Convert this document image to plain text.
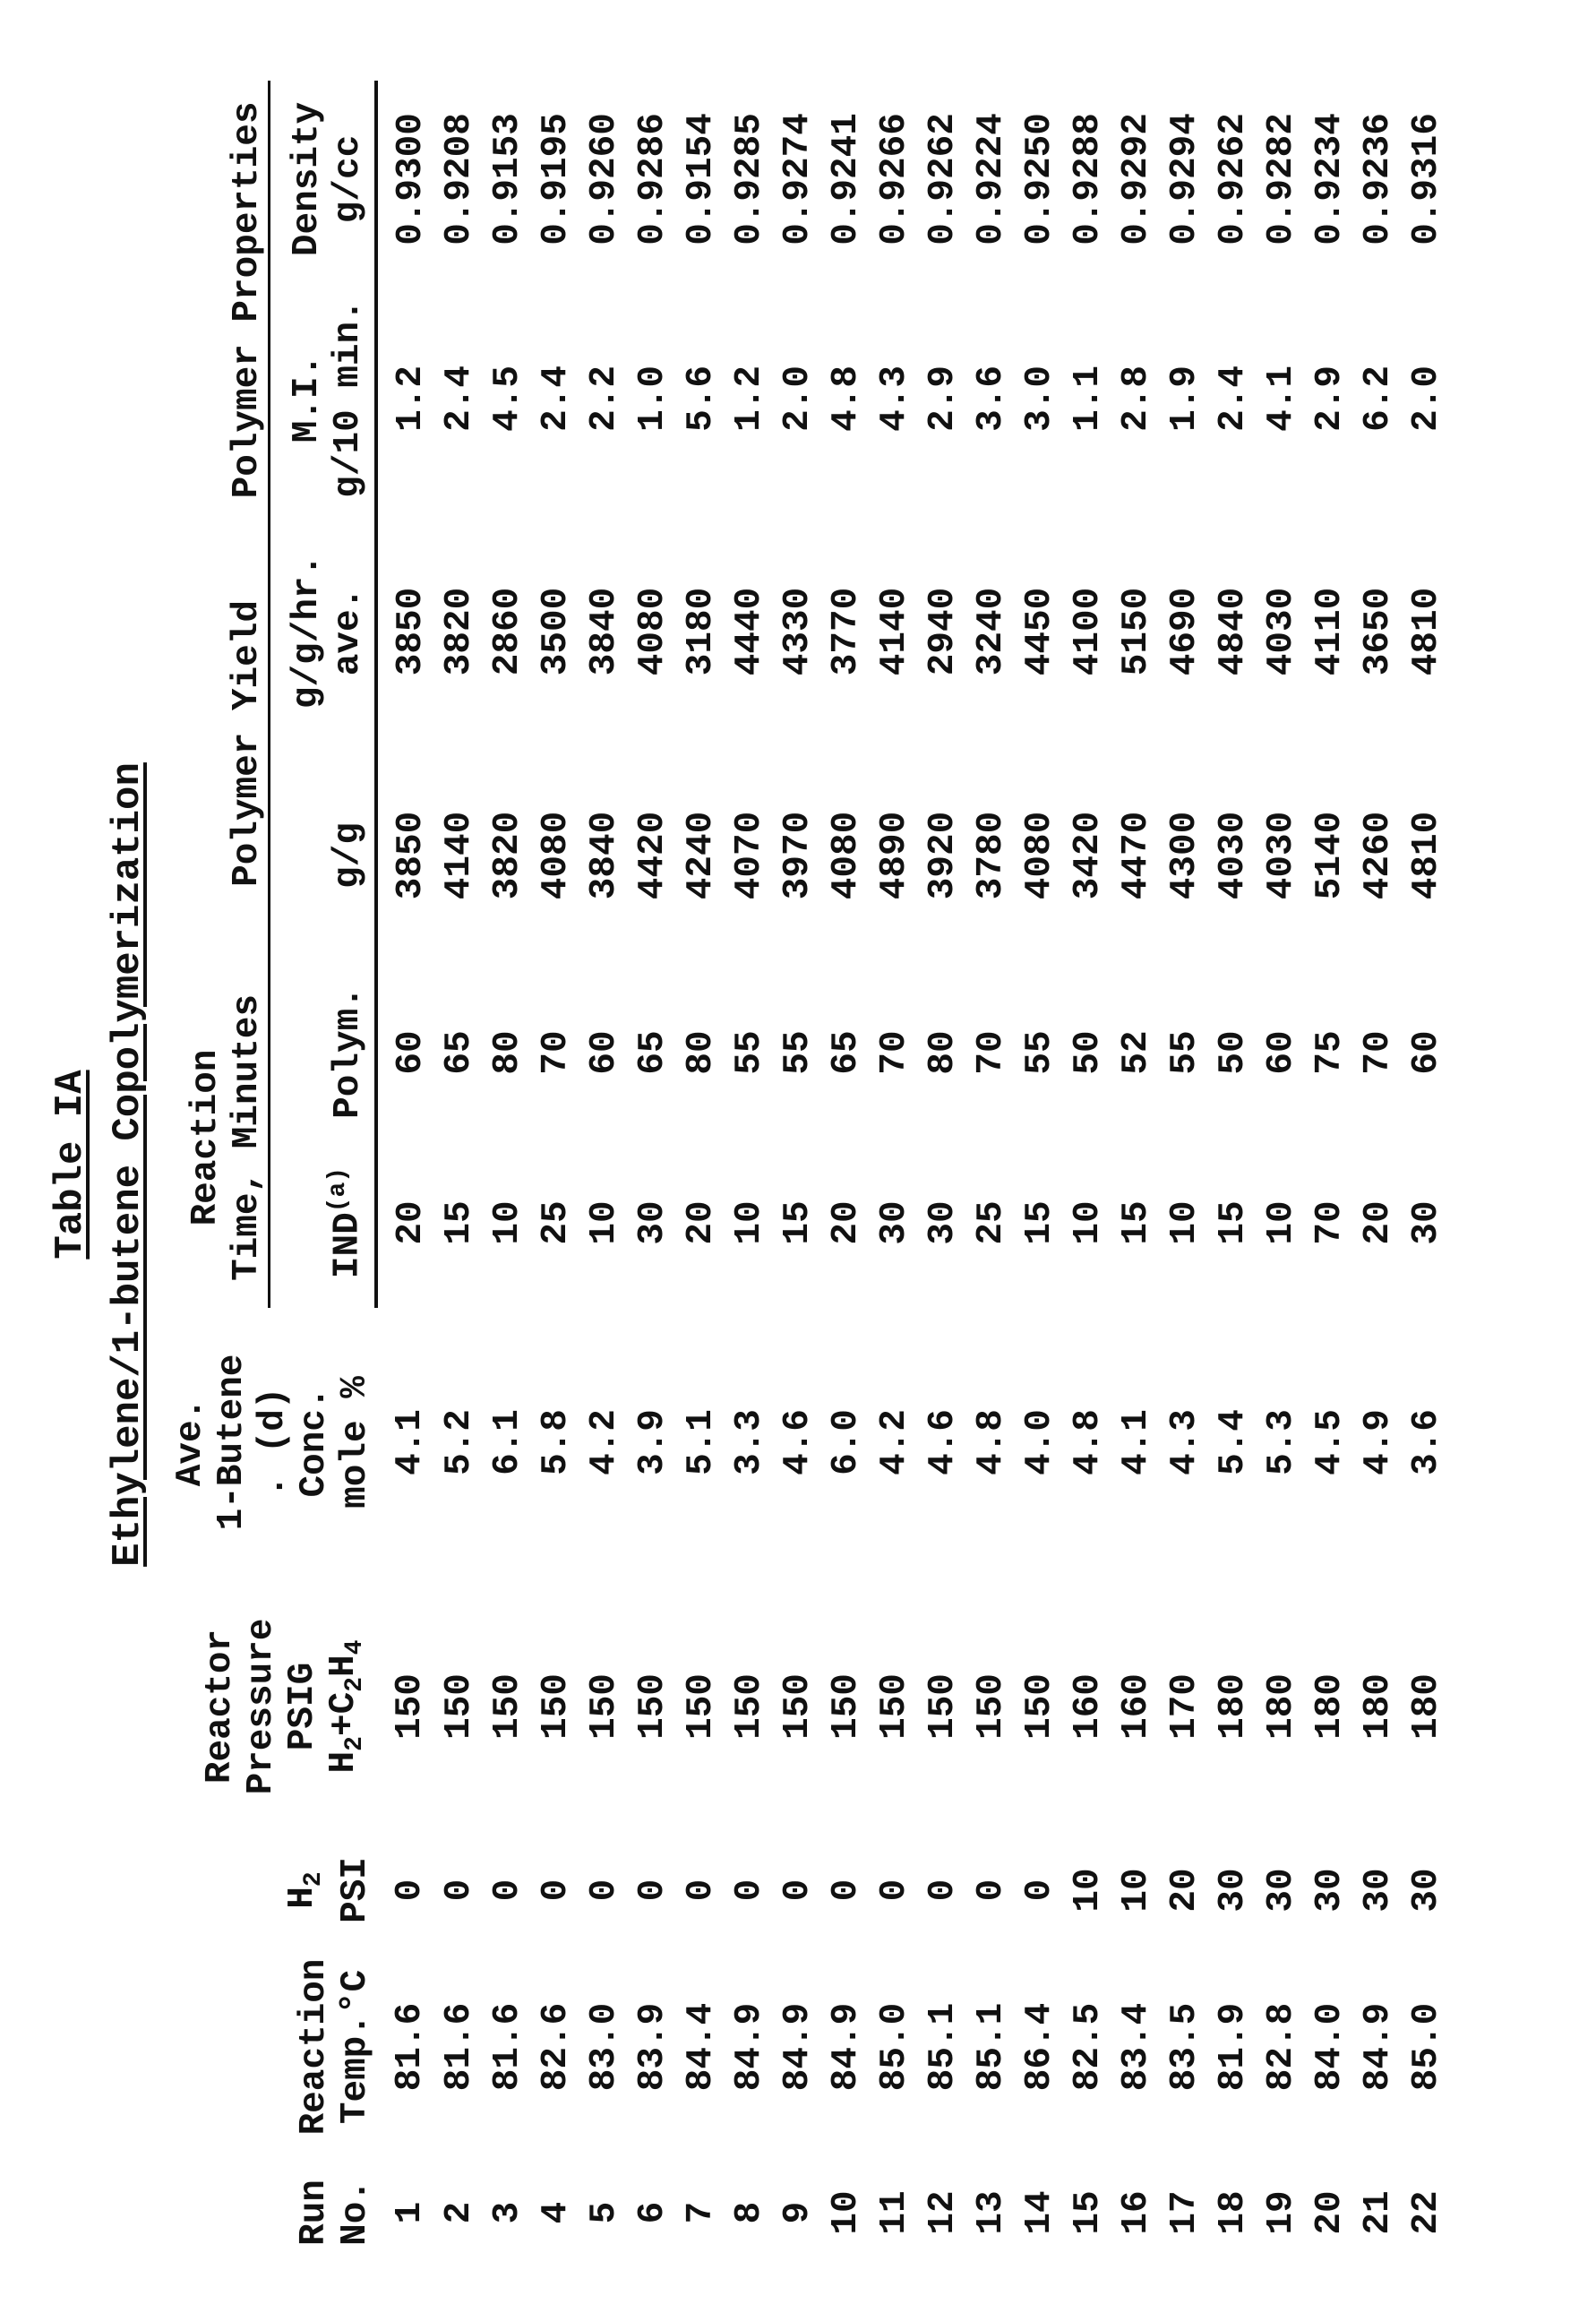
Table IA Ethylene/1-butene Copolymerization
Run No.

Reaction Temp.°C

H2 PSI

Reactor Pressure PSIG
H2+C2H4

Ave. 1-Butene . (d) Conc. mole %

Reaction Time, Minutes

Polymer Yield

Polymer Properties

IND(a)	Polym.	g/g	
g/g/hr. ave.

M.I. g/10 min.

Density g/cc

1	81.6	0	150	4.1	20	60	3850	3850	1.2	0.9300
2	81.6	0	150	5.2	15	65	4140	3820	2.4	0.9208
3	81.6	0	150	6.1	10	80	3820	2860	4.5	0.9153
4	82.6	0	150	5.8	25	70	4080	3500	2.4	0.9195
5	83.0	0	150	4.2	10	60	3840	3840	2.2	0.9260
6	83.9	0	150	3.9	30	65	4420	4080	1.0	0.9286
7	84.4	0	150	5.1	20	80	4240	3180	5.6	0.9154
8	84.9	0	150	3.3	10	55	4070	4440	1.2	0.9285
9	84.9	0	150	4.6	15	55	3970	4330	2.0	0.9274
10	84.9	0	150	6.0	20	65	4080	3770	4.8	0.9241
11	85.0	0	150	4.2	30	70	4890	4140	4.3	0.9266
12	85.1	0	150	4.6	30	80	3920	2940	2.9	0.9262
13	85.1	0	150	4.8	25	70	3780	3240	3.6	0.9224
14	86.4	0	150	4.0	15	55	4080	4450	3.0	0.9250
15	82.5	10	160	4.8	10	50	3420	4100	1.1	0.9288
16	83.4	10	160	4.1	15	52	4470	5150	2.8	0.9292
17	83.5	20	170	4.3	10	55	4300	4690	1.9	0.9294
18	81.9	30	180	5.4	15	50	4030	4840	2.4	0.9262
19	82.8	30	180	5.3	10	60	4030	4030	4.1	0.9282
20	84.0	30	180	4.5	70	75	5140	4110	2.9	0.9234
21	84.9	30	180	4.9	20	70	4260	3650	6.2	0.9236
22	85.0	30	180	3.6	30	60	4810	4810	2.0	0.9316
